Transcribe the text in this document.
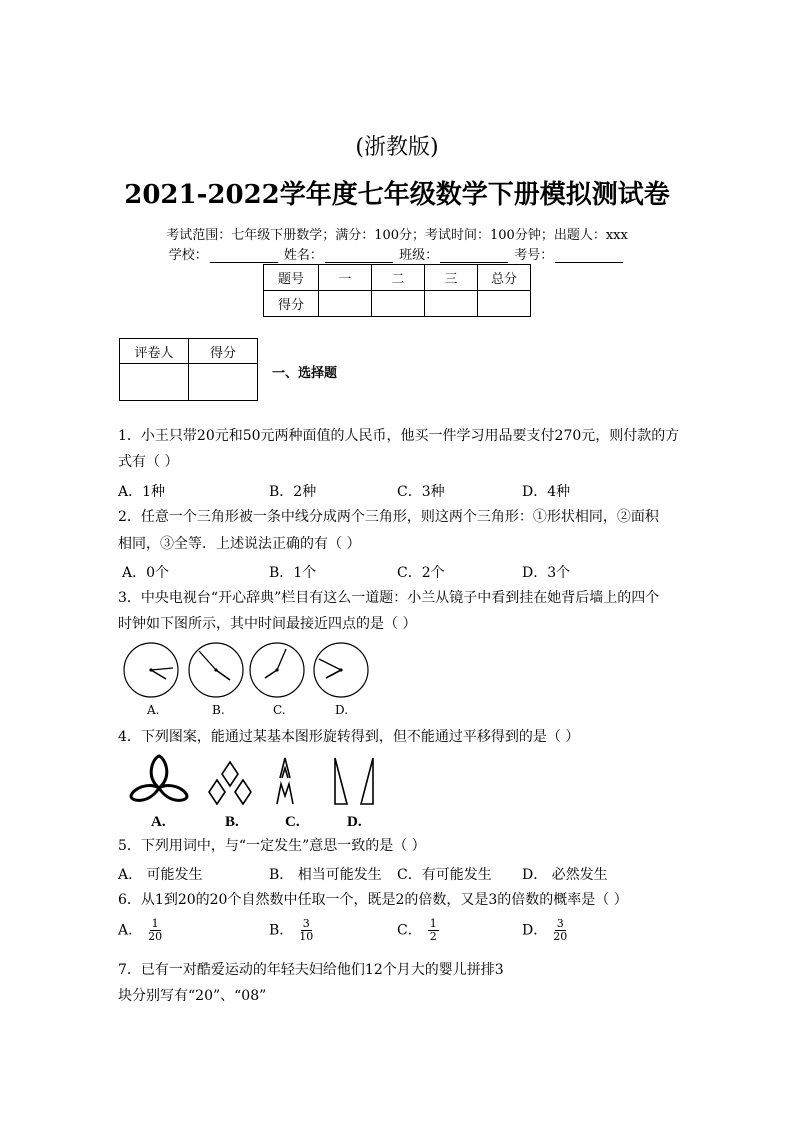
(浙教版)
2021-2022学年度七年级数学下册模拟测试卷
考试范围：七年级下册数学；满分：100分；考试时间：100分钟；出题人：xxx
学校：	姓名：	班级：	考号：
题号	一	二	三	总分
得分				
评卷人	得分

一、选择题
1．小王只带20元和50元两种面值的人民币，他买一件学习用品要支付270元，则付款的方
式有（ ）
A．1种	B．2种	C．3种	D．4种
2．任意一个三角形被一条中线分成两个三角形，则这两个三角形：①形状相同，②面积
相同，③全等．上述说法正确的有（ ）
A．0个	B．1个	C．2个	D．3个
3．中央电视台“开心辞典”栏目有这么一道题：小兰从镜子中看到挂在她背后墙上的四个
时钟如下图所示，其中时间最接近四点的是（ ）
A.	B.	C.	D.
4．下列图案，能通过某基本图形旋转得到，但不能通过平移得到的是（ ）
A.	B.	C.	D.
5．下列用词中，与“一定发生”意思一致的是（ ）
A． 可能发生	B． 相当可能发生 C．有可能发生 D． 必然发生
6．从1到20的20个自然数中任取一个，既是2的倍数，又是3的倍数的概率是（ ）
A． $\frac{1}{20}$	B． $\frac{3}{10}$	C． $\frac{1}{2}$	D． $\frac{3}{20}$
7．已有一对酷爱运动的年轻夫妇给他们12个月大的婴儿拼排3
块分别写有“20”、“08”
